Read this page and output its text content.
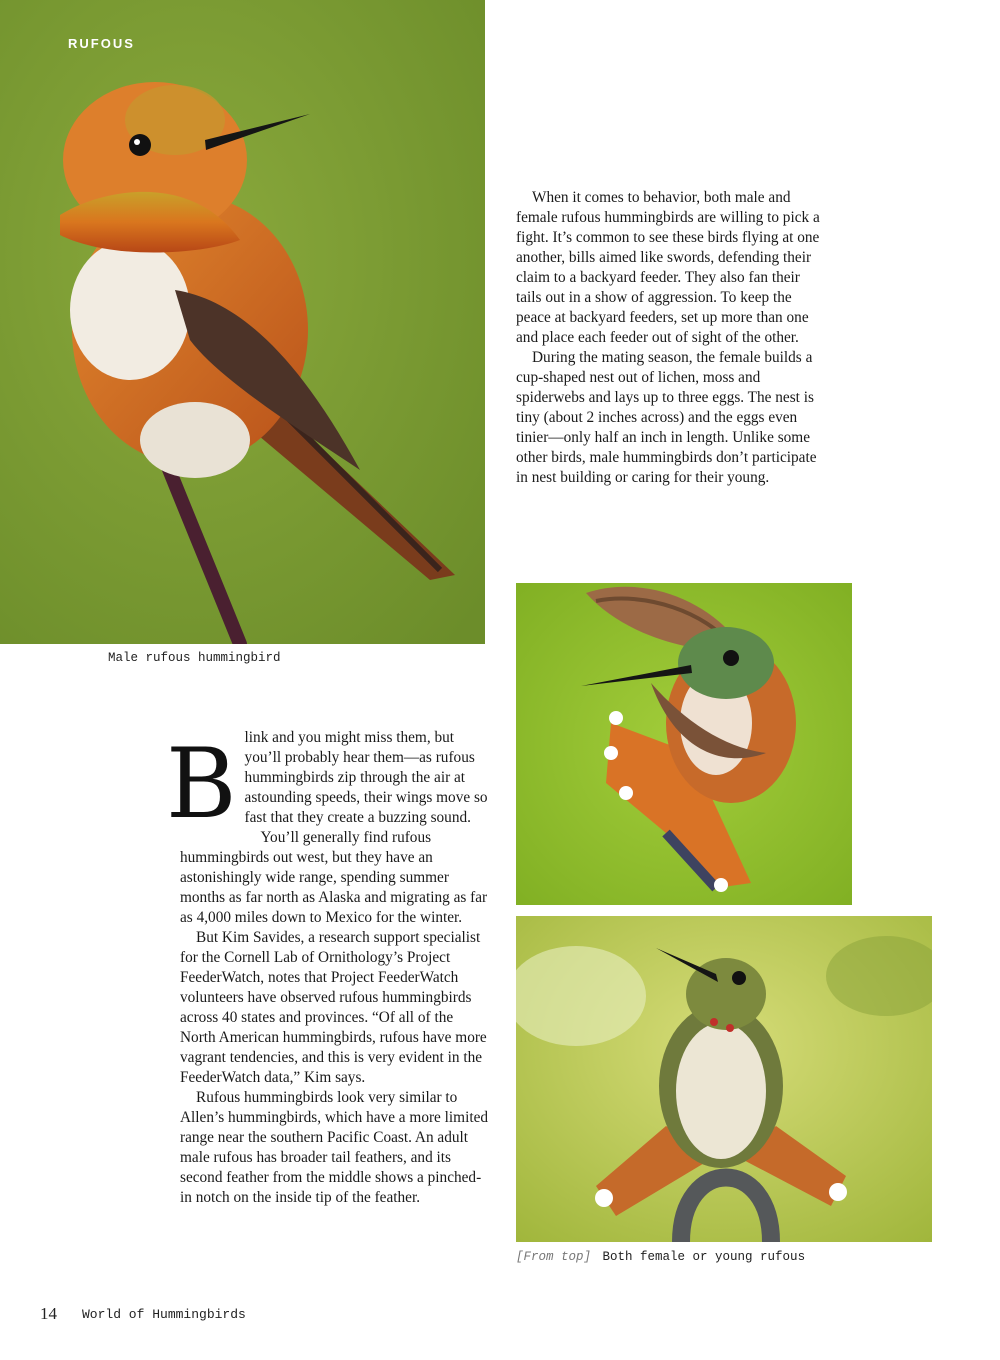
RUFOUS
Male rufous hummingbird

When it comes to behavior, both male and female rufous hummingbirds are willing to pick a fight. It’s common to see these birds flying at one another, bills aimed like swords, defending their claim to a backyard feeder. They also fan their tails out in a show of aggression. To keep the peace at backyard feeders, set up more than one and place each feeder out of sight of the other.

During the mating season, the female builds a cup-shaped nest out of lichen, moss and spiderwebs and lays up to three eggs. The nest is tiny (about 2 inches across) and the eggs even tinier—only half an inch in length. Unlike some other birds, male hummingbirds don’t participate in nest building or caring for their young.

[From top] Both female or young rufous

Blink and you might miss them, but you’ll probably hear them—as rufous hummingbirds zip through the air at astounding speeds, their wings move so fast that they create a buzzing sound.

You’ll generally find rufous hummingbirds out west, but they have an astonishingly wide range, spending summer months as far north as Alaska and migrating as far as 4,000 miles down to Mexico for the winter.

But Kim Savides, a research support specialist for the Cornell Lab of Ornithology’s Project FeederWatch, notes that Project FeederWatch volunteers have observed rufous hummingbirds across 40 states and provinces. “Of all of the North American hummingbirds, rufous have more vagrant tendencies, and this is very evident in the FeederWatch data,” Kim says.

Rufous hummingbirds look very similar to Allen’s hummingbirds, which have a more limited range near the southern Pacific Coast. An adult male rufous has broader tail feathers, and its second feather from the middle shows a pinched-in notch on the inside tip of the feather.

14 World of Hummingbirds
